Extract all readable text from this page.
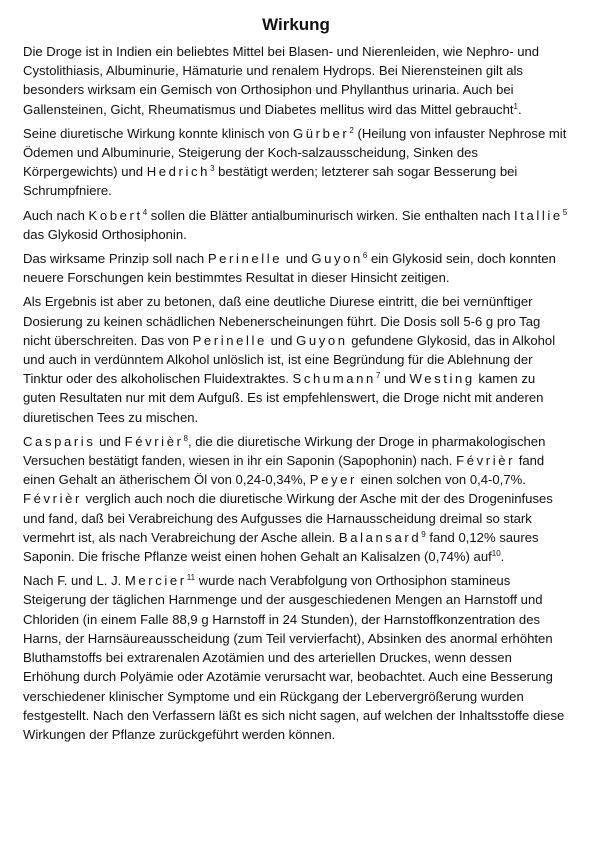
Wirkung

Die Droge ist in Indien ein beliebtes Mittel bei Blasen- und Nierenleiden, wie Nephro- und Cystolithiasis, Albuminurie, Hämaturie und renalem Hydrops. Bei Nierensteinen gilt als besonders wirksam ein Gemisch von Orthosiphon und Phyllanthus urinaria. Auch bei Gallensteinen, Gicht, Rheumatismus und Diabetes mellitus wird das Mittel gebraucht$^1$.

Seine diuretische Wirkung konnte klinisch von Gürber$^2$ (Heilung von infauster Nephrose mit Ödemen und Albuminurie, Steigerung der Koch-salzausscheidung, Sinken des Körpergewichts) und Hedrich$^3$ bestätigt werden; letzterer sah sogar Besserung bei Schrumpfniere.

Auch nach Kobert$^4$ sollen die Blätter antialbuminurisch wirken. Sie enthalten nach Itallie$^5$ das Glykosid Orthosiphonin.

Das wirksame Prinzip soll nach Perinelle und Guyon$^6$ ein Glykosid sein, doch konnten neuere Forschungen kein bestimmtes Resultat in dieser Hinsicht zeitigen.

Als Ergebnis ist aber zu betonen, daß eine deutliche Diurese eintritt, die bei vernünftiger Dosierung zu keinen schädlichen Nebenerscheinungen führt. Die Dosis soll 5-6 g pro Tag nicht überschreiten. Das von Perinelle und Guyon gefundene Glykosid, das in Alkohol und auch in verdünntem Alkohol unlöslich ist, ist eine Begründung für die Ablehnung der Tinktur oder des alkoholischen Fluidextraktes. Schumann$^7$ und Westing kamen zu guten Resultaten nur mit dem Aufguß. Es ist empfehlenswert, die Droge nicht mit anderen diuretischen Tees zu mischen.

Casparis und Févrièr$^8$, die die diuretische Wirkung der Droge in pharmakologischen Versuchen bestätigt fanden, wiesen in ihr ein Saponin (Sapophonin) nach. Févrièr fand einen Gehalt an ätherischem Öl von 0,24-0,34%, Peyer einen solchen von 0,4-0,7%. Févrièr verglich auch noch die diuretische Wirkung der Asche mit der des Drogeninfuses und fand, daß bei Verabreichung des Aufgusses die Harnausscheidung dreimal so stark vermehrt ist, als nach Verabreichung der Asche allein. Balansard$^9$ fand 0,12% saures Saponin. Die frische Pflanze weist einen hohen Gehalt an Kalisalzen (0,74%) auf$^{10}$.

Nach F. und L. J. Mercier$^{11}$ wurde nach Verabfolgung von Orthosiphon stamineus Steigerung der täglichen Harnmenge und der ausgeschiedenen Mengen an Harnstoff und Chloriden (in einem Falle 88,9 g Harnstoff in 24 Stunden), der Harnstoffkonzentration des Harns, der Harnsäureausscheidung (zum Teil vervierfacht), Absinken des anormal erhöhten Bluthamstoffs bei extrarenalen Azotämien und des arteriellen Druckes, wenn dessen Erhöhung durch Polyämie oder Azotämie verursacht war, beobachtet. Auch eine Besserung verschiedener klinischer Symptome und ein Rückgang der Lebervergrößerung wurden festgestellt. Nach den Verfassern läßt es sich nicht sagen, auf welchen der Inhaltsstoffe diese Wirkungen der Pflanze zurückgeführt werden können.
